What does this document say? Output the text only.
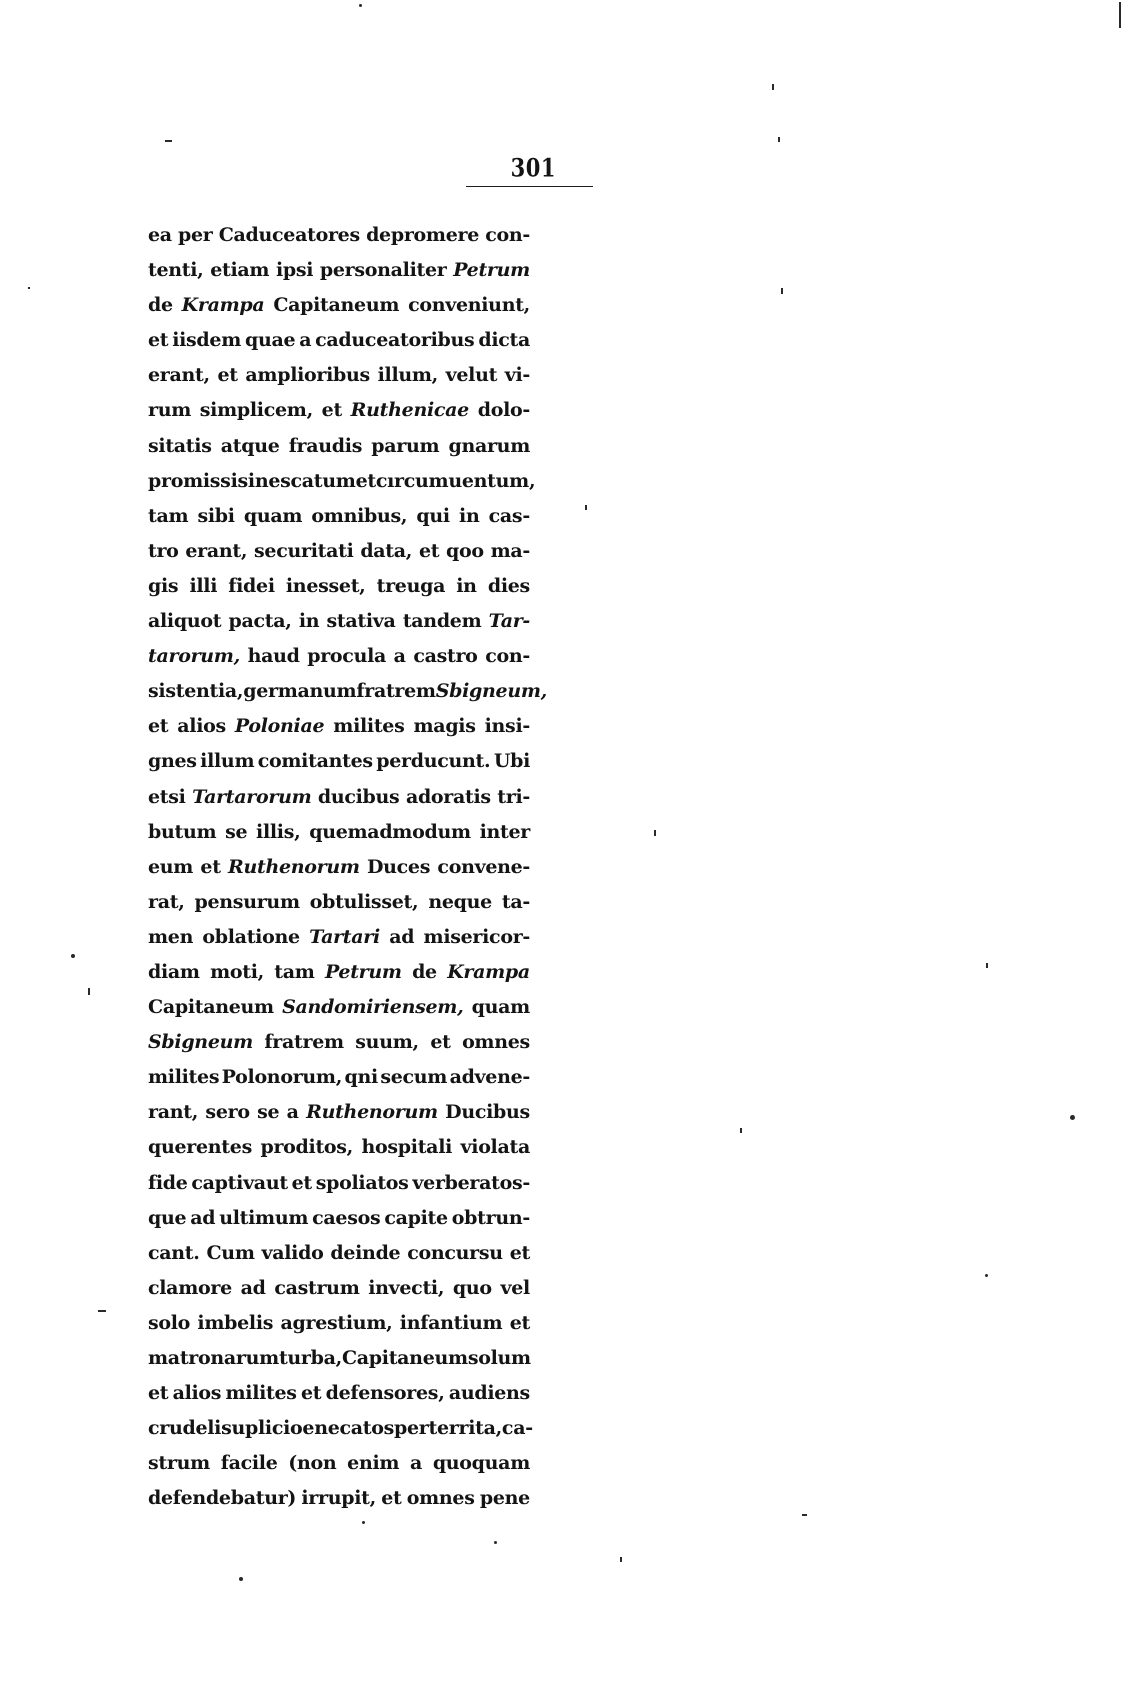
301
ea per Caduceatores depromere con-
tenti, etiam ipsi personaliter Petrum
de Krampa Capitaneum conveniunt,
et iisdem quae a caduceatoribus dicta
erant, et amplioribus illum, velut vi-
rum simplicem, et Ruthenicae dolo-
sitatis atque fraudis parum gnarum
promissis inescatum et cırcumuentum,
tam sibi quam omnibus, qui in cas-
tro erant, securitati data, et qoo ma-
gis illi fidei inesset, treuga in dies
aliquot pacta, in stativa tandem Tar-
tarorum, haud procula a castro con-
sistentia, germanum fratrem Sbigneum,
et alios Poloniae milites magis insi-
gnes illum comitantes perducunt. Ubi
etsi Tartarorum ducibus adoratis tri-
butum se illis, quemadmodum inter
eum et Ruthenorum Duces convene-
rat, pensurum obtulisset, neque ta-
men oblatione Tartari ad misericor-
diam moti, tam Petrum de Krampa
Capitaneum Sandomiriensem, quam
Sbigneum fratrem suum, et omnes
milites Polonorum, qni secum advene-
rant, sero se a Ruthenorum Ducibus
querentes proditos, hospitali violata
fide captivaut et spoliatos verberatos-
que ad ultimum caesos capite obtrun-
cant. Cum valido deinde concursu et
clamore ad castrum invecti, quo vel
solo imbelis agrestium, infantium et
matronarum turba, Capitaneum solum
et alios milites et defensores, audiens
crudeli suplicio enecatos perterrita, ca-
strum facile (non enim a quoquam
defendebatur) irrupit, et omnes pene
